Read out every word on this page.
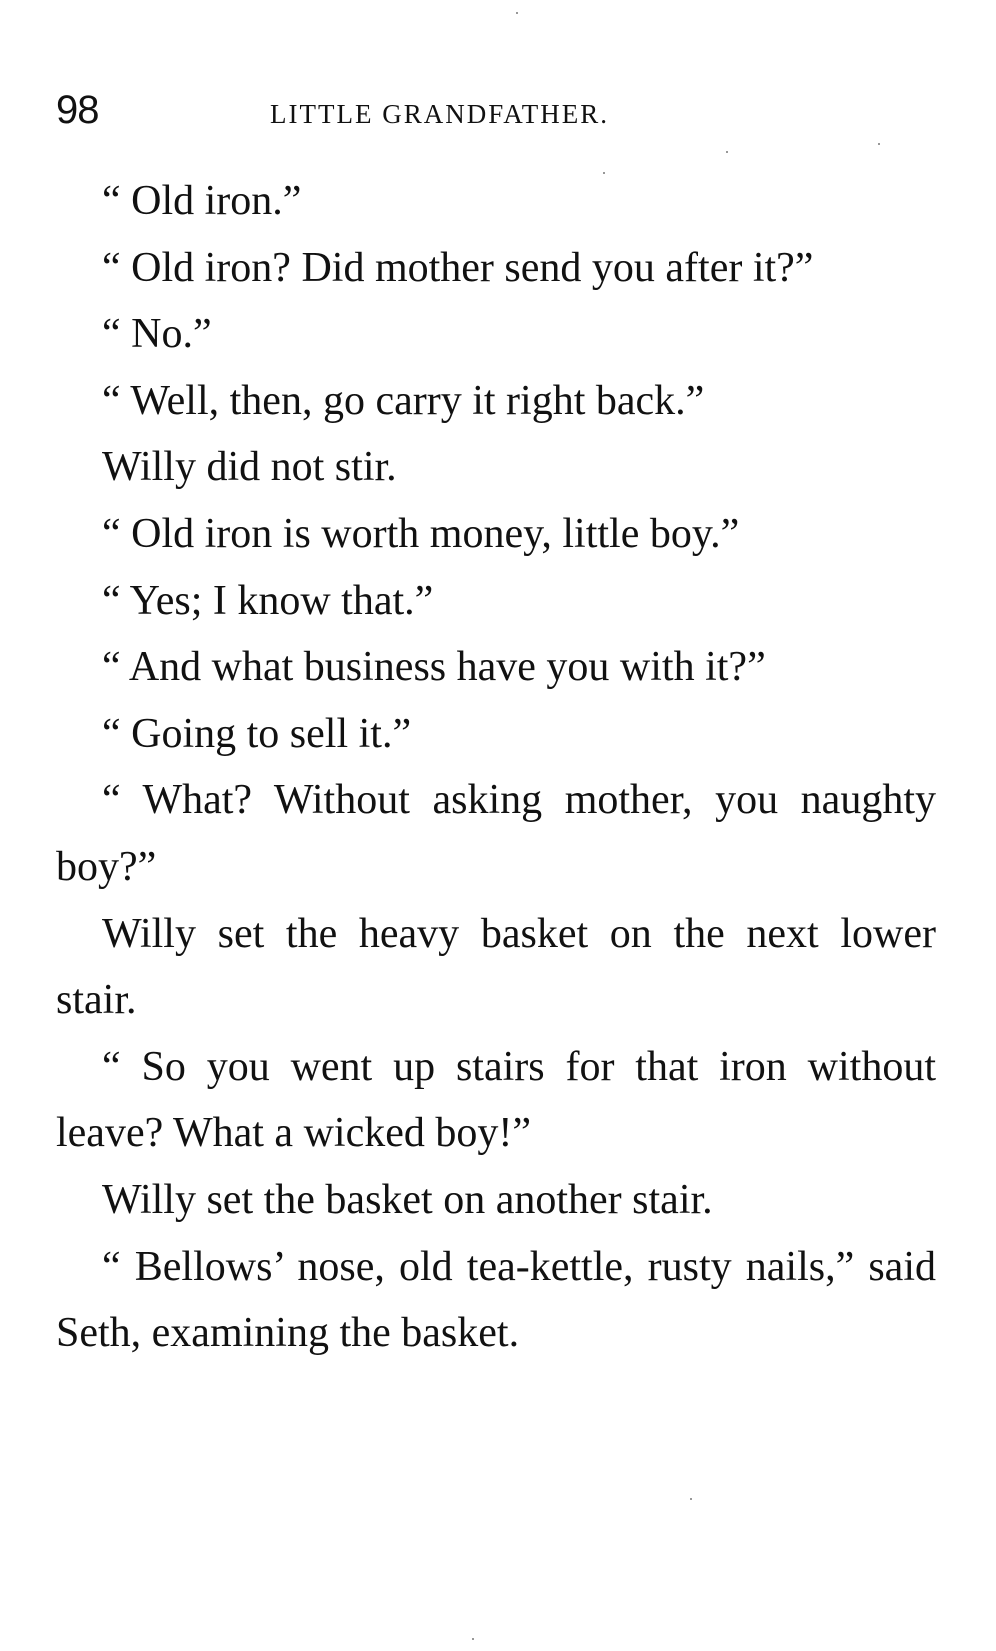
98	LITTLE GRANDFATHER.

“ Old iron.”

“ Old iron? Did mother send you after it?”

“ No.”

“ Well, then, go carry it right back.”

Willy did not stir.

“ Old iron is worth money, little boy.”

“ Yes; I know that.”

“ And what business have you with it?”

“ Going to sell it.”

“ What? Without asking mother, you naughty boy?”

Willy set the heavy basket on the next lower stair.

“ So you went up stairs for that iron without leave? What a wicked boy!”

Willy set the basket on another stair.

“ Bellows’ nose, old tea-kettle, rusty nails,” said Seth, examining the basket.
